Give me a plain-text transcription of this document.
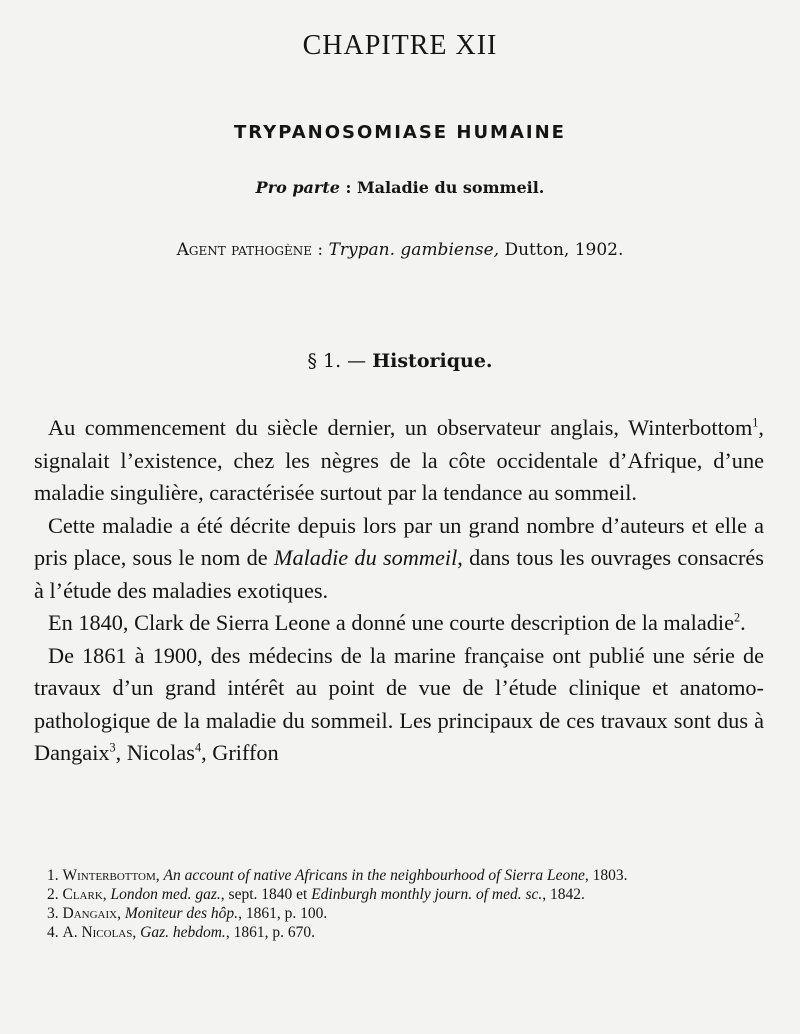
CHAPITRE XII
TRYPANOSOMIASE HUMAINE
Pro parte : Maladie du sommeil.
Agent pathogène : Trypan. gambiense, Dutton, 1902.
§ 1. — Historique.

Au commencement du siècle dernier, un observateur anglais, Winterbottom$^1$, signalait l’existence, chez les nègres de la côte occidentale d’Afrique, d’une maladie singulière, caractérisée surtout par la tendance au sommeil.

Cette maladie a été décrite depuis lors par un grand nombre d’auteurs et elle a pris place, sous le nom de Maladie du sommeil, dans tous les ouvrages consacrés à l’étude des maladies exotiques.

En 1840, Clark de Sierra Leone a donné une courte description de la maladie$^2$.

De 1861 à 1900, des médecins de la marine française ont publié une série de travaux d’un grand intérêt au point de vue de l’étude clinique et anatomo-pathologique de la maladie du sommeil. Les principaux de ces travaux sont dus à Dangaix$^3$, Nicolas$^4$, Griffon

1. Winterbottom, An account of native Africans in the neighbourhood of Sierra Leone, 1803.

2. Clark, London med. gaz., sept. 1840 et Edinburgh monthly journ. of med. sc., 1842.

3. Dangaix, Moniteur des hôp., 1861, p. 100.

4. A. Nicolas, Gaz. hebdom., 1861, p. 670.
